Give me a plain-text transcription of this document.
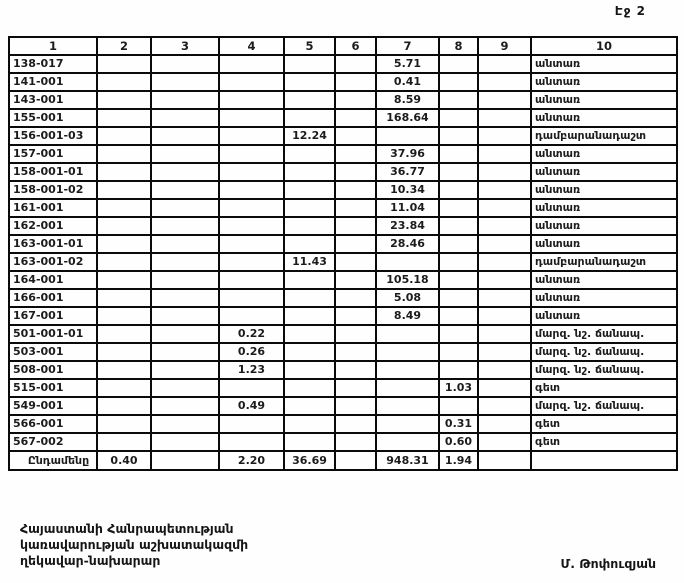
Էջ 2
1	2	3	4	5	6	7	8	9	10
138-017						5.71			անտառ
141-001						0.41			անտառ
143-001						8.59			անտառ
155-001						168.64			անտառ
156-001-03				12.24					դամբարանադաշտ
157-001						37.96			անտառ
158-001-01						36.77			անտառ
158-001-02						10.34			անտառ
161-001						11.04			անտառ
162-001						23.84			անտառ
163-001-01						28.46			անտառ
163-001-02				11.43					դամբարանադաշտ
164-001						105.18			անտառ
166-001						5.08			անտառ
167-001						8.49			անտառ
501-001-01			0.22						մարզ. նշ. ճանապ.
503-001			0.26						մարզ. նշ. ճանապ.
508-001			1.23						մարզ. նշ. ճանապ.
515-001							1.03		գետ
549-001			0.49						մարզ. նշ. ճանապ.
566-001							0.31		գետ
567-002							0.60		գետ
Ընդամենը	0.40		2.20	36.69		948.31	1.94		
Հայաստանի Հանրապետության
կառավարության աշխատակազմի
ղեկավար-նախարար	Մ. Թոփուզյան
